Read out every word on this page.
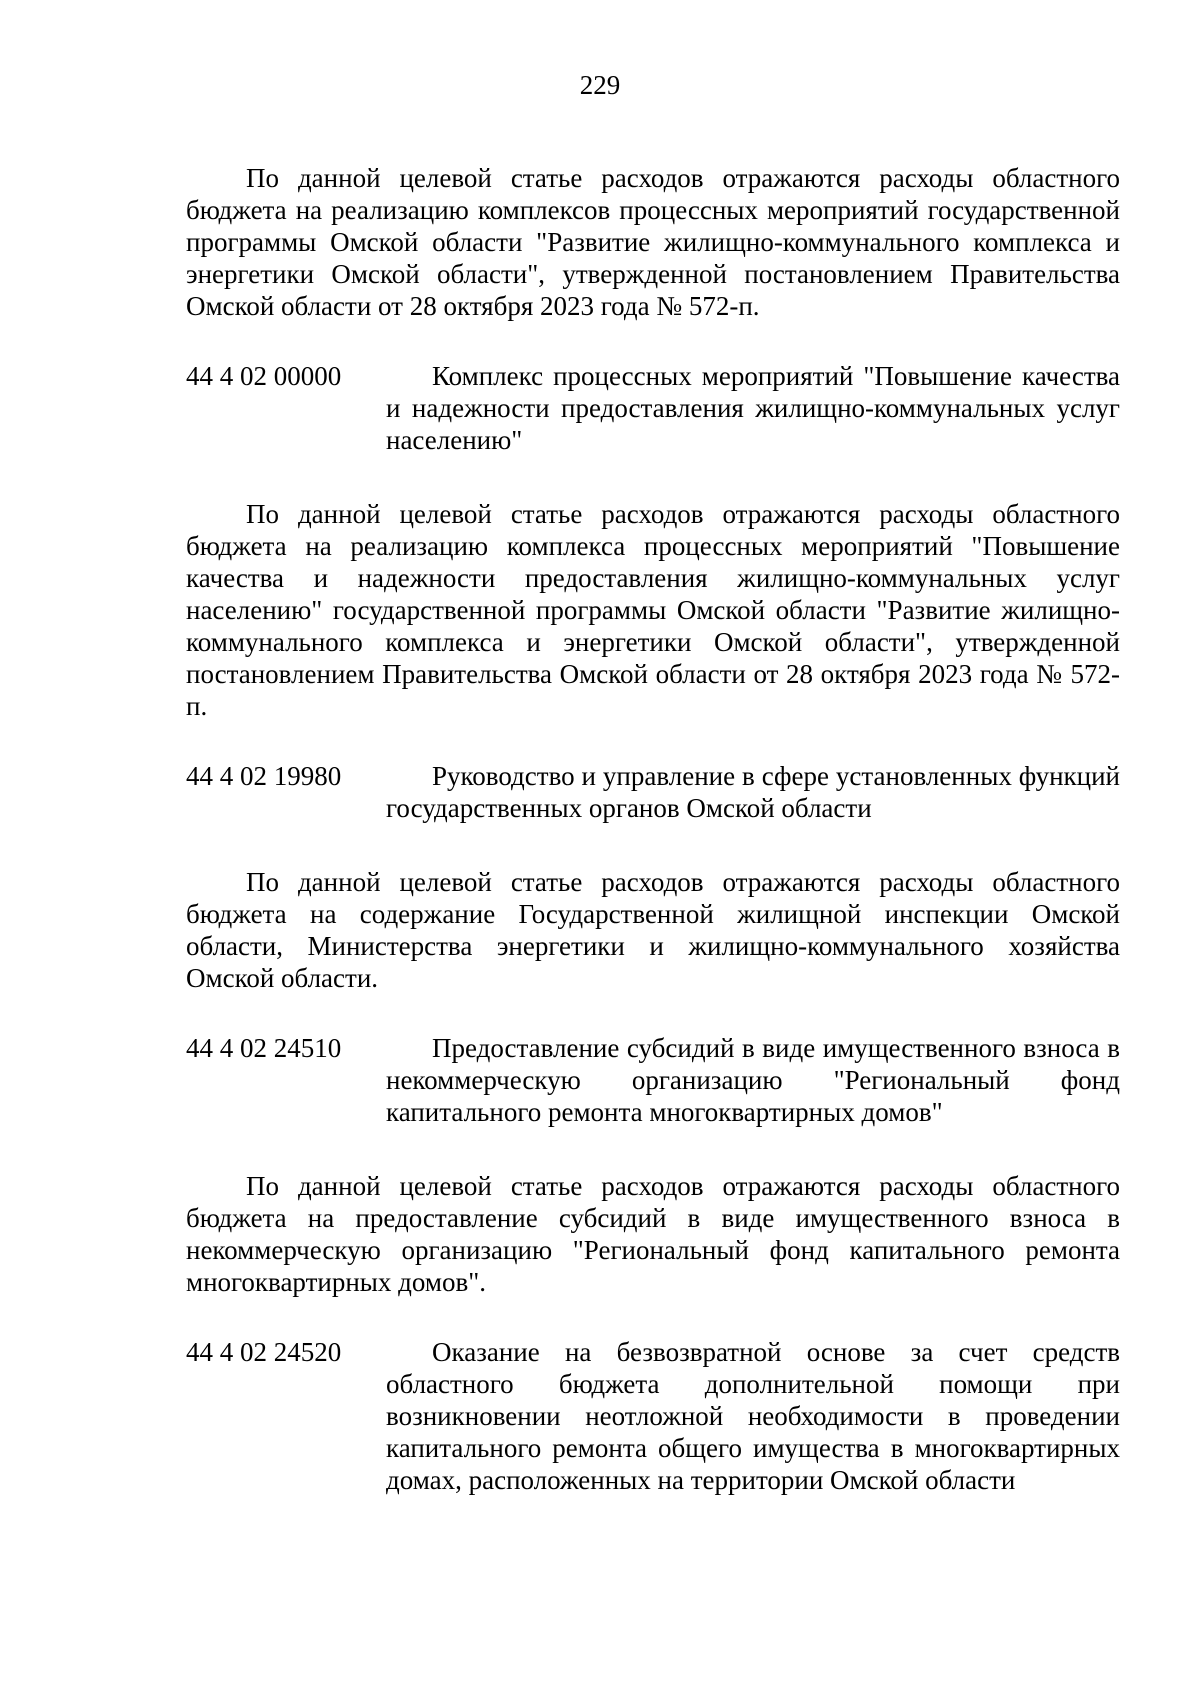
229

По данной целевой статье расходов отражаются расходы областного бюджета на реализацию комплексов процессных мероприятий государственной программы Омской области "Развитие жилищно-коммунального комплекса и энергетики Омской области", утвержденной постановлением Правительства Омской области от 28 октября 2023 года № 572-п.

44 4 02 00000	Комплекс процессных мероприятий "Повышение качества и надежности предоставления жилищно-коммунальных услуг населению"

По данной целевой статье расходов отражаются расходы областного бюджета на реализацию комплекса процессных мероприятий "Повышение качества и надежности предоставления жилищно-коммунальных услуг населению" государственной программы Омской области "Развитие жилищно-коммунального комплекса и энергетики Омской области", утвержденной постановлением Правительства Омской области от 28 октября 2023 года № 572-п.

44 4 02 19980	Руководство и управление в сфере установленных функций государственных органов Омской области

По данной целевой статье расходов отражаются расходы областного бюджета на содержание Государственной жилищной инспекции Омской области, Министерства энергетики и жилищно-коммунального хозяйства Омской области.

44 4 02 24510	Предоставление субсидий в виде имущественного взноса в некоммерческую организацию "Региональный фонд капитального ремонта многоквартирных домов"

По данной целевой статье расходов отражаются расходы областного бюджета на предоставление субсидий в виде имущественного взноса в некоммерческую организацию "Региональный фонд капитального ремонта многоквартирных домов".

44 4 02 24520	Оказание на безвозвратной основе за счет средств областного бюджета дополнительной помощи при возникновении неотложной необходимости в проведении капитального ремонта общего имущества в многоквартирных домах, расположенных на территории Омской области
